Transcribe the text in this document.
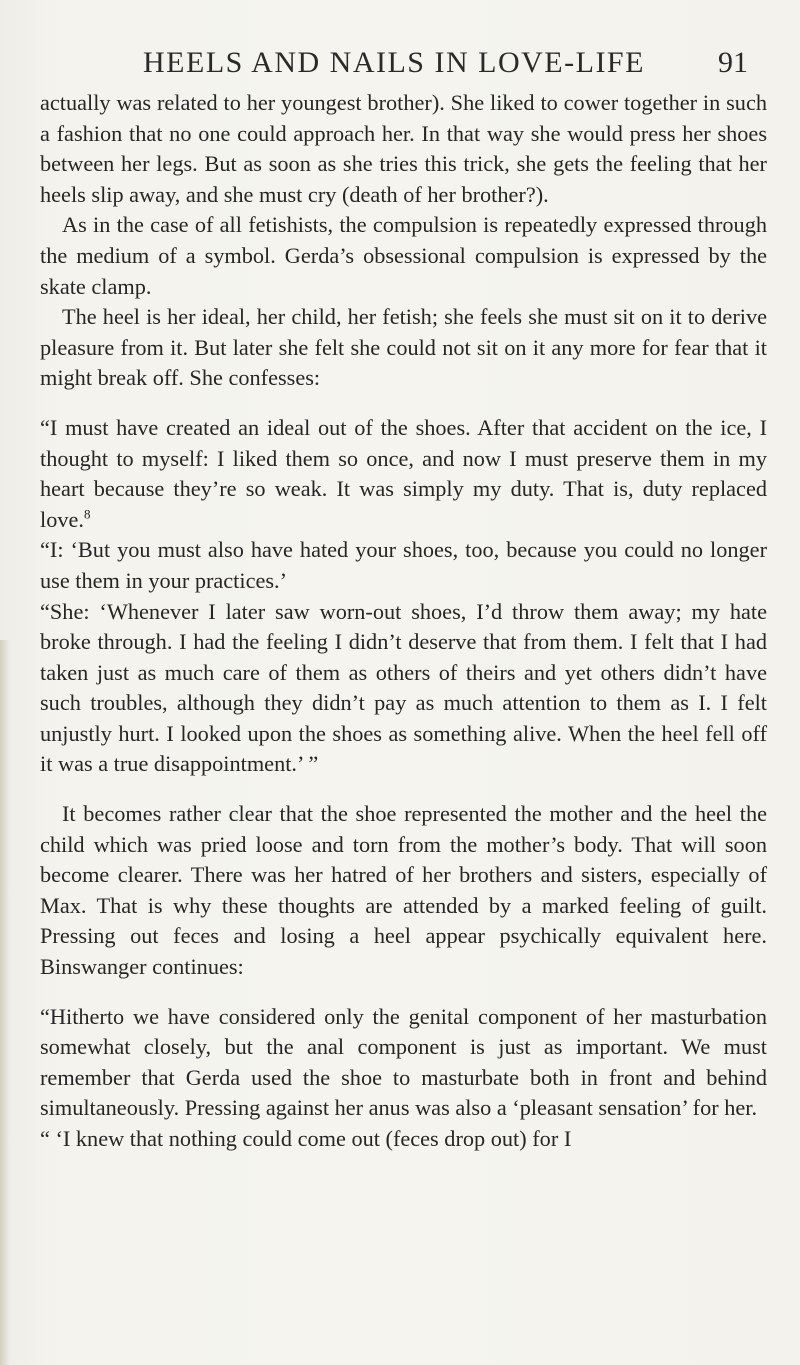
HEELS AND NAILS IN LOVE-LIFE 91

actually was related to her youngest brother). She liked to cower together in such a fashion that no one could approach her. In that way she would press her shoes between her legs. But as soon as she tries this trick, she gets the feeling that her heels slip away, and she must cry (death of her brother?).

As in the case of all fetishists, the compulsion is repeatedly expressed through the medium of a symbol. Gerda’s obsessional compulsion is expressed by the skate clamp.

The heel is her ideal, her child, her fetish; she feels she must sit on it to derive pleasure from it. But later she felt she could not sit on it any more for fear that it might break off. She confesses:

“I must have created an ideal out of the shoes. After that accident on the ice, I thought to myself: I liked them so once, and now I must preserve them in my heart because they’re so weak. It was simply my duty. That is, duty replaced love.$^8$

“I: ‘But you must also have hated your shoes, too, because you could no longer use them in your practices.’

“She: ‘Whenever I later saw worn-out shoes, I’d throw them away; my hate broke through. I had the feeling I didn’t deserve that from them. I felt that I had taken just as much care of them as others of theirs and yet others didn’t have such troubles, although they didn’t pay as much attention to them as I. I felt unjustly hurt. I looked upon the shoes as something alive. When the heel fell off it was a true disappointment.’ ”

It becomes rather clear that the shoe represented the mother and the heel the child which was pried loose and torn from the mother’s body. That will soon become clearer. There was her hatred of her brothers and sisters, especially of Max. That is why these thoughts are attended by a marked feeling of guilt. Pressing out feces and losing a heel appear psychically equivalent here. Binswanger continues:

“Hitherto we have considered only the genital component of her masturbation somewhat closely, but the anal component is just as important. We must remember that Gerda used the shoe to masturbate both in front and behind simultaneously. Pressing against her anus was also a ‘pleasant sensation’ for her.

“ ‘I knew that nothing could come out (feces drop out) for I
